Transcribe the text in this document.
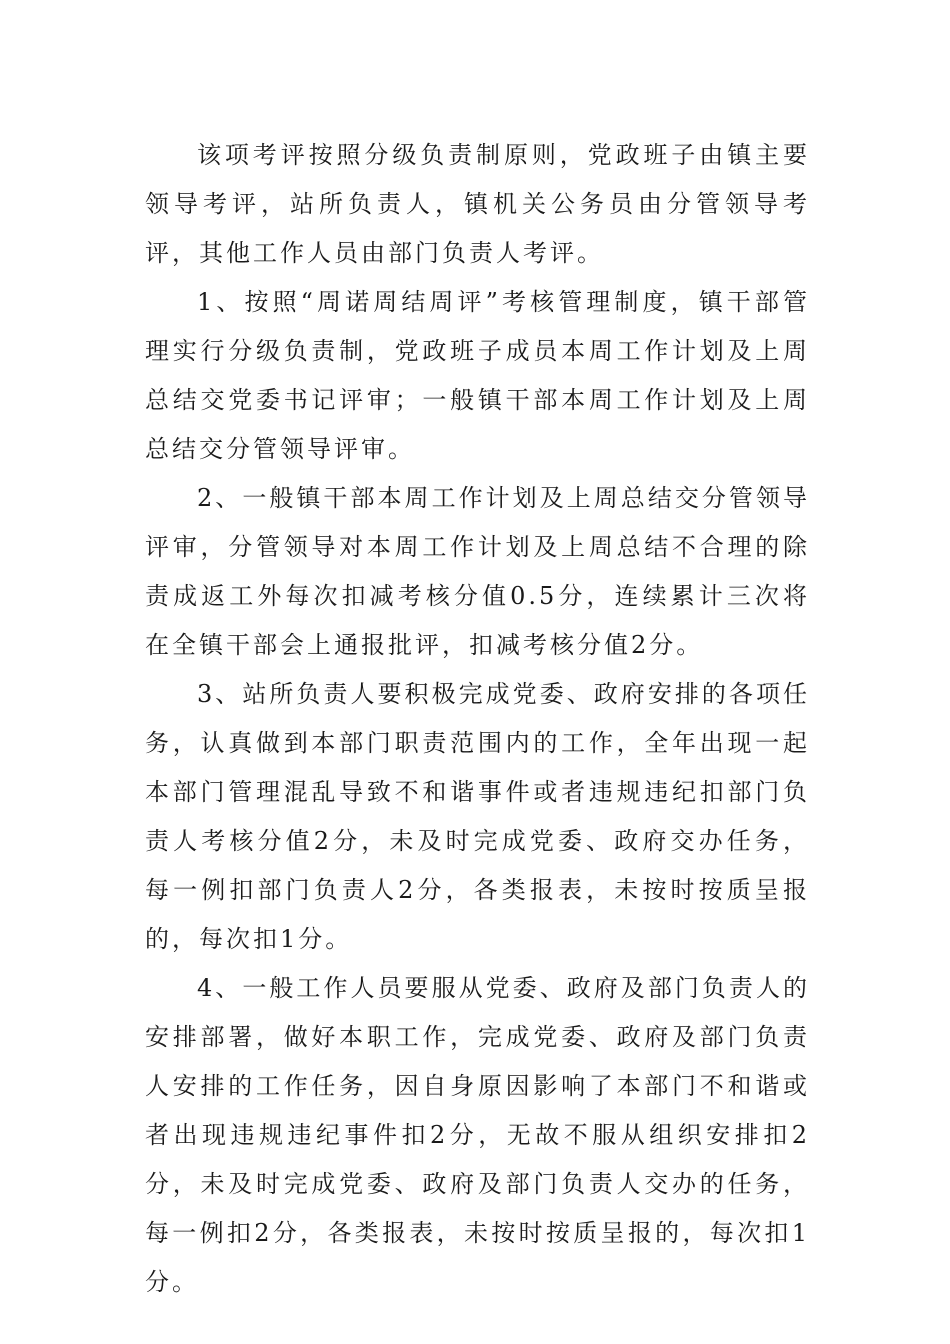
该项考评按照分级负责制原则，党政班子由镇主要领导考评，站所负责人，镇机关公务员由分管领导考评，其他工作人员由部门负责人考评。

1、按照“周诺周结周评”考核管理制度，镇干部管理实行分级负责制，党政班子成员本周工作计划及上周总结交党委书记评审；一般镇干部本周工作计划及上周总结交分管领导评审。

2、一般镇干部本周工作计划及上周总结交分管领导评审，分管领导对本周工作计划及上周总结不合理的除责成返工外每次扣减考核分值0.5分，连续累计三次将在全镇干部会上通报批评，扣减考核分值2分。

3、站所负责人要积极完成党委、政府安排的各项任务，认真做到本部门职责范围内的工作，全年出现一起本部门管理混乱导致不和谐事件或者违规违纪扣部门负责人考核分值2分，未及时完成党委、政府交办任务，每一例扣部门负责人2分，各类报表，未按时按质呈报的，每次扣1分。

4、一般工作人员要服从党委、政府及部门负责人的安排部署，做好本职工作，完成党委、政府及部门负责人安排的工作任务，因自身原因影响了本部门不和谐或者出现违规违纪事件扣2分，无故不服从组织安排扣2分，未及时完成党委、政府及部门负责人交办的任务，每一例扣2分，各类报表，未按时按质呈报的，每次扣1分。
